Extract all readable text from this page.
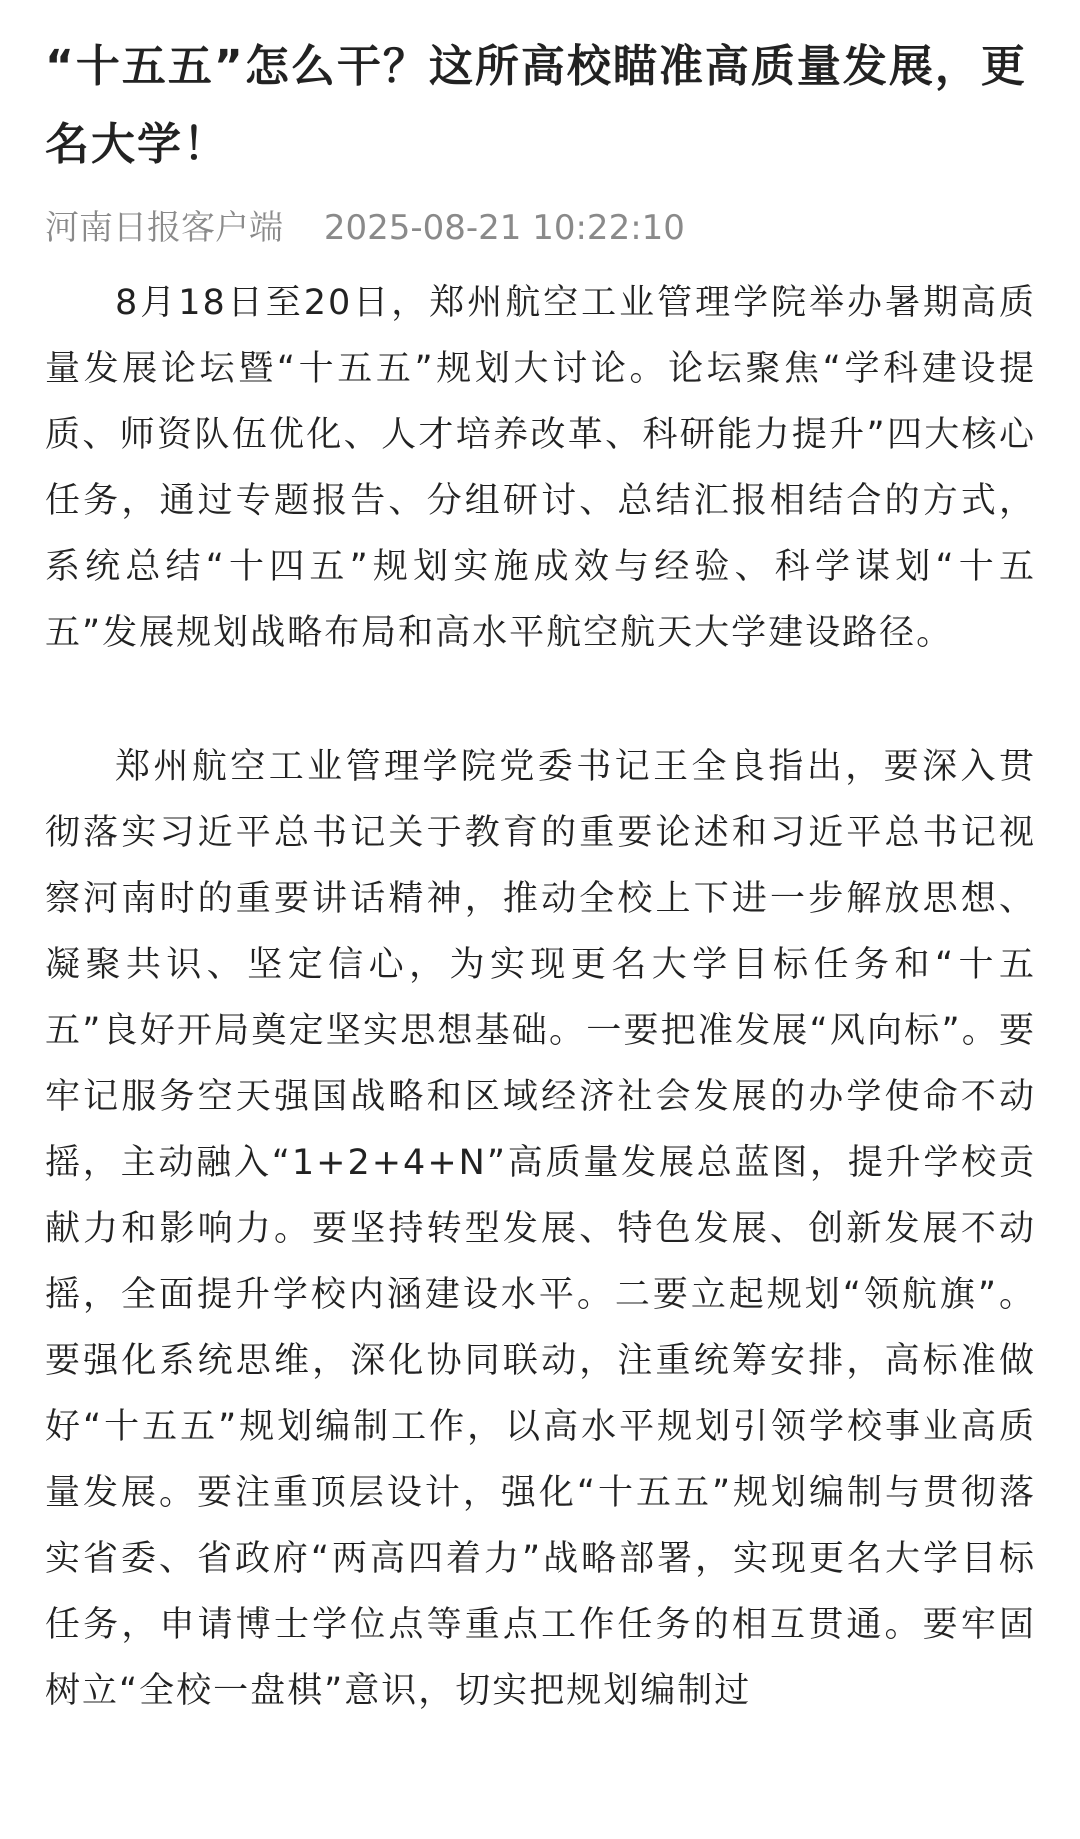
“十五五”怎么干？这所高校瞄准高质量发展，更名大学！
河南日报客户端 2025-08-21 10:22:10

8月18日至20日，郑州航空工业管理学院举办暑期高质量发展论坛暨“十五五”规划大讨论。论坛聚焦“学科建设提质、师资队伍优化、人才培养改革、科研能力提升”四大核心任务，通过专题报告、分组研讨、总结汇报相结合的方式，系统总结“十四五”规划实施成效与经验、科学谋划“十五五”发展规划战略布局和高水平航空航天大学建设路径。

郑州航空工业管理学院党委书记王全良指出，要深入贯彻落实习近平总书记关于教育的重要论述和习近平总书记视察河南时的重要讲话精神，推动全校上下进一步解放思想、凝聚共识、坚定信心，为实现更名大学目标任务和“十五五”良好开局奠定坚实思想基础。一要把准发展“风向标”。要牢记服务空天强国战略和区域经济社会发展的办学使命不动摇，主动融入“1+2+4+N”高质量发展总蓝图，提升学校贡献力和影响力。要坚持转型发展、特色发展、创新发展不动摇，全面提升学校内涵建设水平。二要立起规划“领航旗”。要强化系统思维，深化协同联动，注重统筹安排，高标准做好“十五五”规划编制工作，以高水平规划引领学校事业高质量发展。要注重顶层设计，强化“十五五”规划编制与贯彻落实省委、省政府“两高四着力”战略部署，实现更名大学目标任务，申请博士学位点等重点工作任务的相互贯通。要牢固树立“全校一盘棋”意识，切实把规划编制过
